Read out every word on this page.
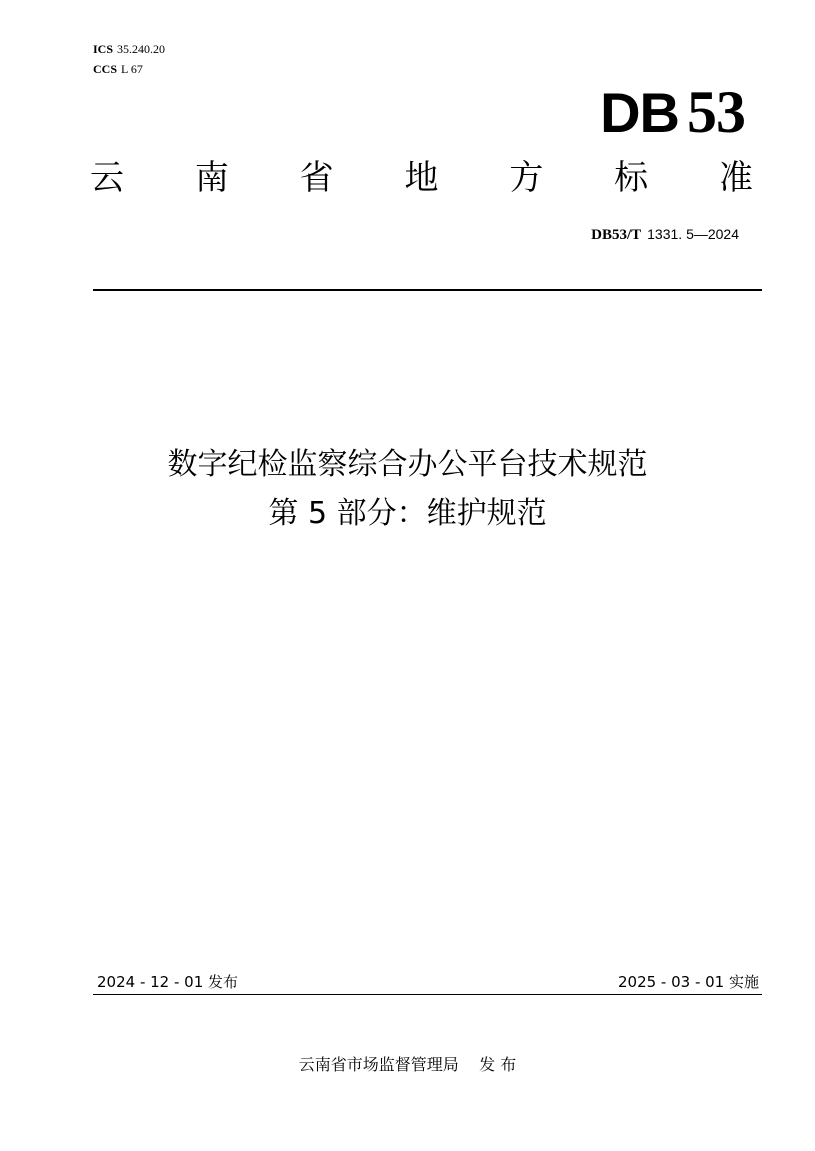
ICS 35.240.20
CCS L 67
DB 53
云 南 省 地 方 标 准
DB53/T 1331. 5—2024
数字纪检监察综合办公平台技术规范
第 5 部分：维护规范
2024 - 12 - 01 发布	2025 - 03 - 01 实施
云南省市场监督管理局    发 布
